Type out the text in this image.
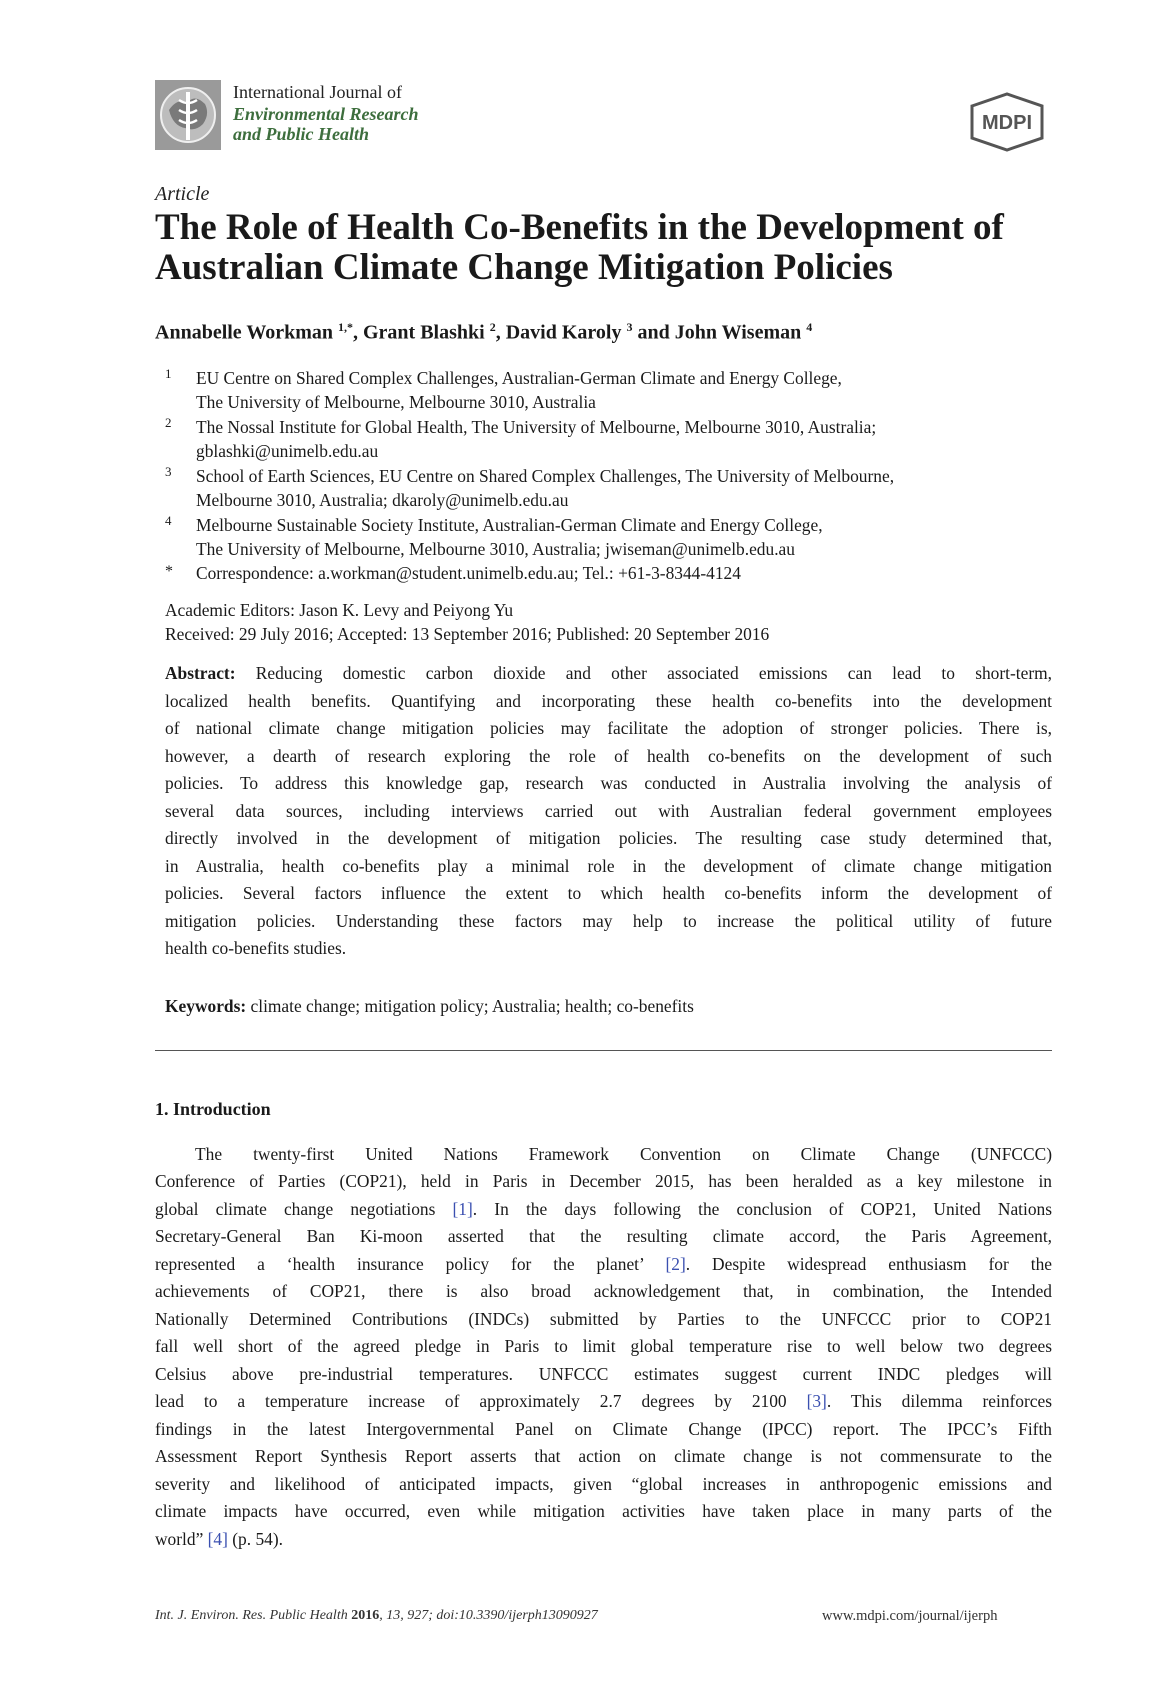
International Journal of
Environmental Research
and Public Health	MDPI
Article
The Role of Health Co-Benefits in the Development of Australian Climate Change Mitigation Policies
Annabelle Workman $^{1,*}$, Grant Blashki $^2$, David Karoly $^3$ and John Wiseman $^4$
1 EU Centre on Shared Complex Challenges, Australian-German Climate and Energy College,
The University of Melbourne, Melbourne 3010, Australia
2 The Nossal Institute for Global Health, The University of Melbourne, Melbourne 3010, Australia;
gblashki@unimelb.edu.au
3 School of Earth Sciences, EU Centre on Shared Complex Challenges, The University of Melbourne,
Melbourne 3010, Australia; dkaroly@unimelb.edu.au
4 Melbourne Sustainable Society Institute, Australian-German Climate and Energy College,
The University of Melbourne, Melbourne 3010, Australia; jwiseman@unimelb.edu.au
* Correspondence: a.workman@student.unimelb.edu.au; Tel.: +61-3-8344-4124
Academic Editors: Jason K. Levy and Peiyong Yu
Received: 29 July 2016; Accepted: 13 September 2016; Published: 20 September 2016
Abstract: Reducing domestic carbon dioxide and other associated emissions can lead to short-term,
localized health benefits. Quantifying and incorporating these health co-benefits into the development
of national climate change mitigation policies may facilitate the adoption of stronger policies. There is,
however, a dearth of research exploring the role of health co-benefits on the development of such
policies. To address this knowledge gap, research was conducted in Australia involving the analysis of
several data sources, including interviews carried out with Australian federal government employees
directly involved in the development of mitigation policies. The resulting case study determined that,
in Australia, health co-benefits play a minimal role in the development of climate change mitigation
policies. Several factors influence the extent to which health co-benefits inform the development of
mitigation policies. Understanding these factors may help to increase the political utility of future
health co-benefits studies.
Keywords: climate change; mitigation policy; Australia; health; co-benefits
1. Introduction
The twenty-first United Nations Framework Convention on Climate Change (UNFCCC)
Conference of Parties (COP21), held in Paris in December 2015, has been heralded as a key milestone in
global climate change negotiations [1]. In the days following the conclusion of COP21, United Nations
Secretary-General Ban Ki-moon asserted that the resulting climate accord, the Paris Agreement,
represented a ‘health insurance policy for the planet’ [2]. Despite widespread enthusiasm for the
achievements of COP21, there is also broad acknowledgement that, in combination, the Intended
Nationally Determined Contributions (INDCs) submitted by Parties to the UNFCCC prior to COP21
fall well short of the agreed pledge in Paris to limit global temperature rise to well below two degrees
Celsius above pre-industrial temperatures. UNFCCC estimates suggest current INDC pledges will
lead to a temperature increase of approximately 2.7 degrees by 2100 [3]. This dilemma reinforces
findings in the latest Intergovernmental Panel on Climate Change (IPCC) report. The IPCC’s Fifth
Assessment Report Synthesis Report asserts that action on climate change is not commensurate to the
severity and likelihood of anticipated impacts, given “global increases in anthropogenic emissions and
climate impacts have occurred, even while mitigation activities have taken place in many parts of the
world” [4] (p. 54).
Int. J. Environ. Res. Public Health 2016, 13, 927; doi:10.3390/ijerph13090927	www.mdpi.com/journal/ijerph
